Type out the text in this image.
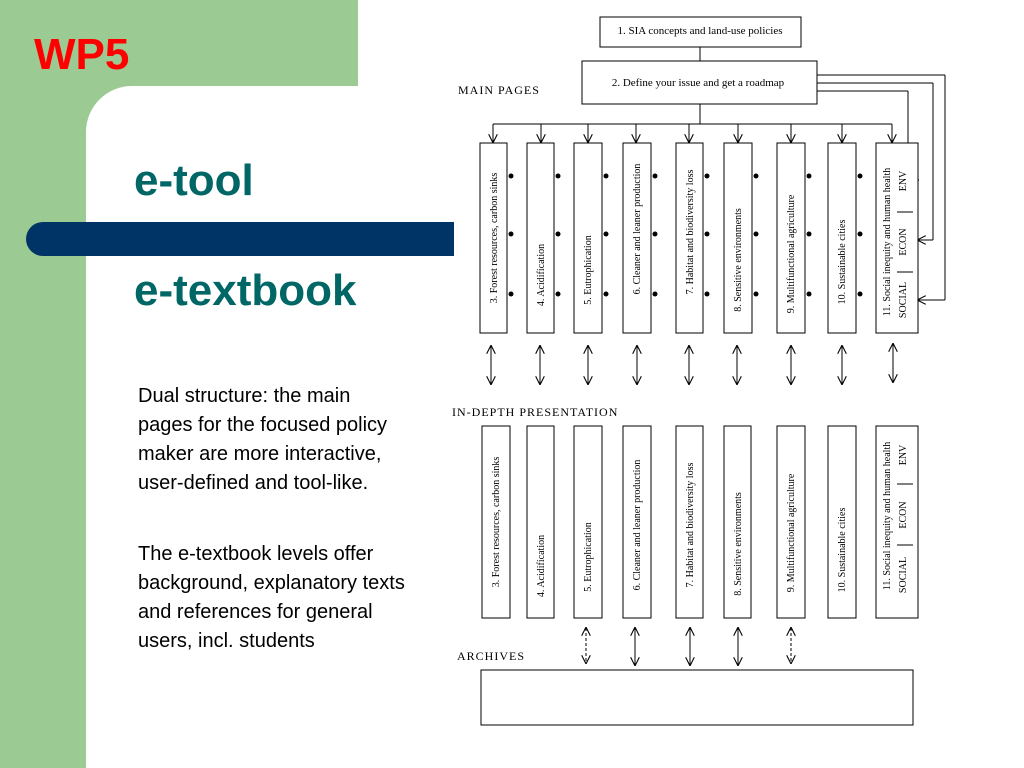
WP5
e-tool
e-textbook

Dual structure: the main pages for the focused policy maker are more interactive, user-defined and tool-like.

The e-textbook levels offer background, explanatory texts and references for general users, incl. students

1. SIA concepts and land-use policies
2. Define your issue and get a roadmap
MAIN PAGES
IN-DEPTH PRESENTATION
ARCHIVES
3. Forest resources, carbon sinks	4. Acidification	5. Eutrophication	6. Cleaner and leaner production	7. Habitat and biodiversity loss	8. Sensitive environments	9. Multifunctional agriculture	10. Sustainable cities	11. Social inequity and human health SOCIAL
ECON
ENV
3. Forest resources, carbon sinks	4. Acidification	5. Eutrophication	6. Cleaner and leaner production	7. Habitat and biodiversity loss	8. Sensitive environments	9. Multifunctional agriculture	10. Sustainable cities	11. Social inequity and human health SOCIAL
ECON
ENV
